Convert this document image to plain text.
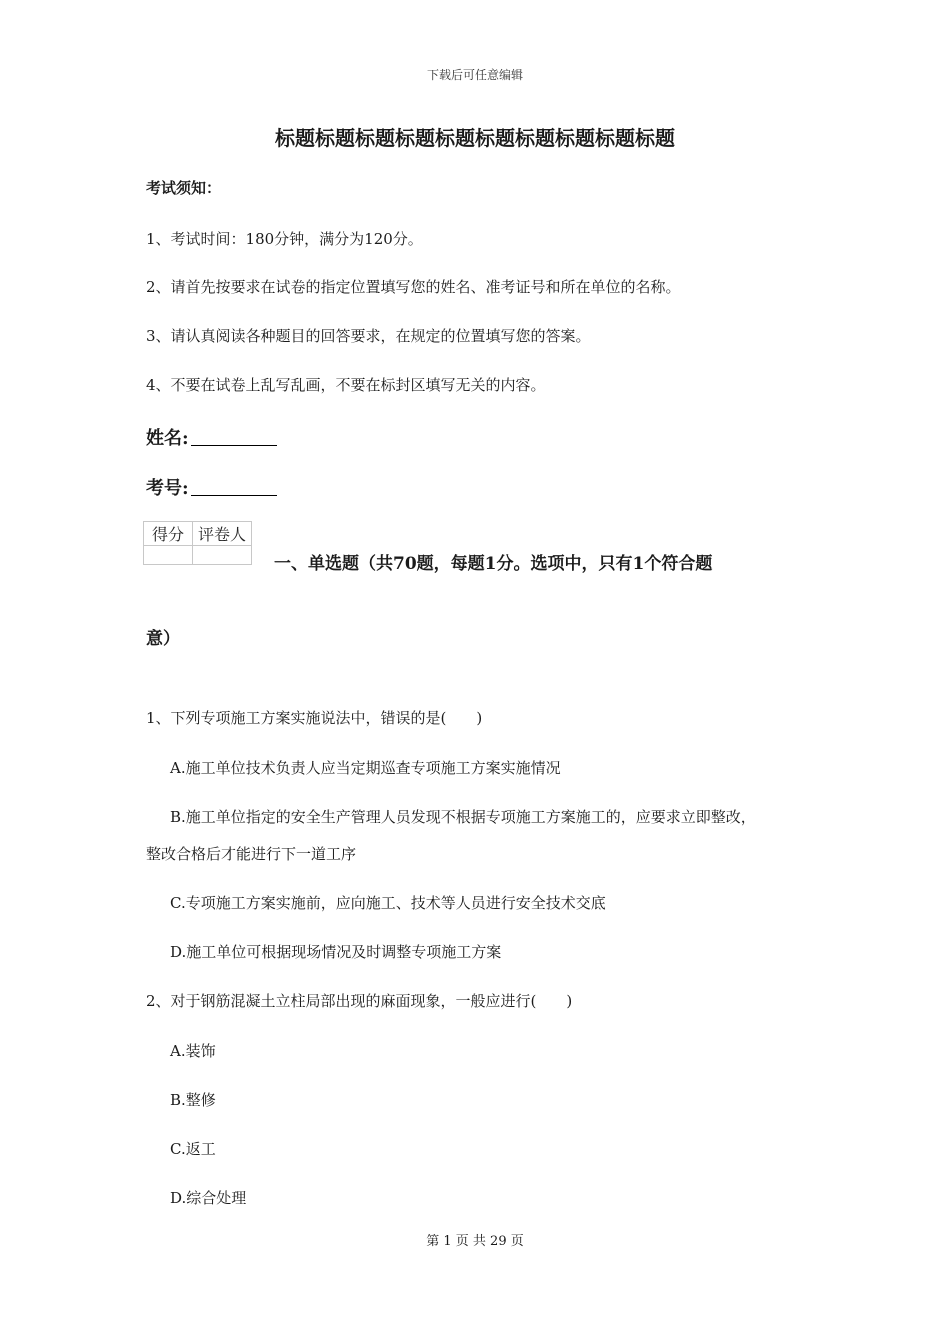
下载后可任意编辑
标题标题标题标题标题标题标题标题标题标题
考试须知：
1、考试时间：180分钟，满分为120分。
2、请首先按要求在试卷的指定位置填写您的姓名、准考证号和所在单位的名称。
3、请认真阅读各种题目的回答要求，在规定的位置填写您的答案。
4、不要在试卷上乱写乱画，不要在标封区填写无关的内容。
姓名:
考号:
得分	评卷人

一、单选题（共70题，每题1分。选项中，只有1个符合题
意）
1、下列专项施工方案实施说法中，错误的是(　　)
A.施工单位技术负责人应当定期巡查专项施工方案实施情况
B.施工单位指定的安全生产管理人员发现不根据专项施工方案施工的，应要求立即整改，
整改合格后才能进行下一道工序
C.专项施工方案实施前，应向施工、技术等人员进行安全技术交底
D.施工单位可根据现场情况及时调整专项施工方案
2、对于钢筋混凝土立柱局部出现的麻面现象，一般应进行(　　)
A.装饰
B.整修
C.返工
D.综合处理
第 1 页 共 29 页
